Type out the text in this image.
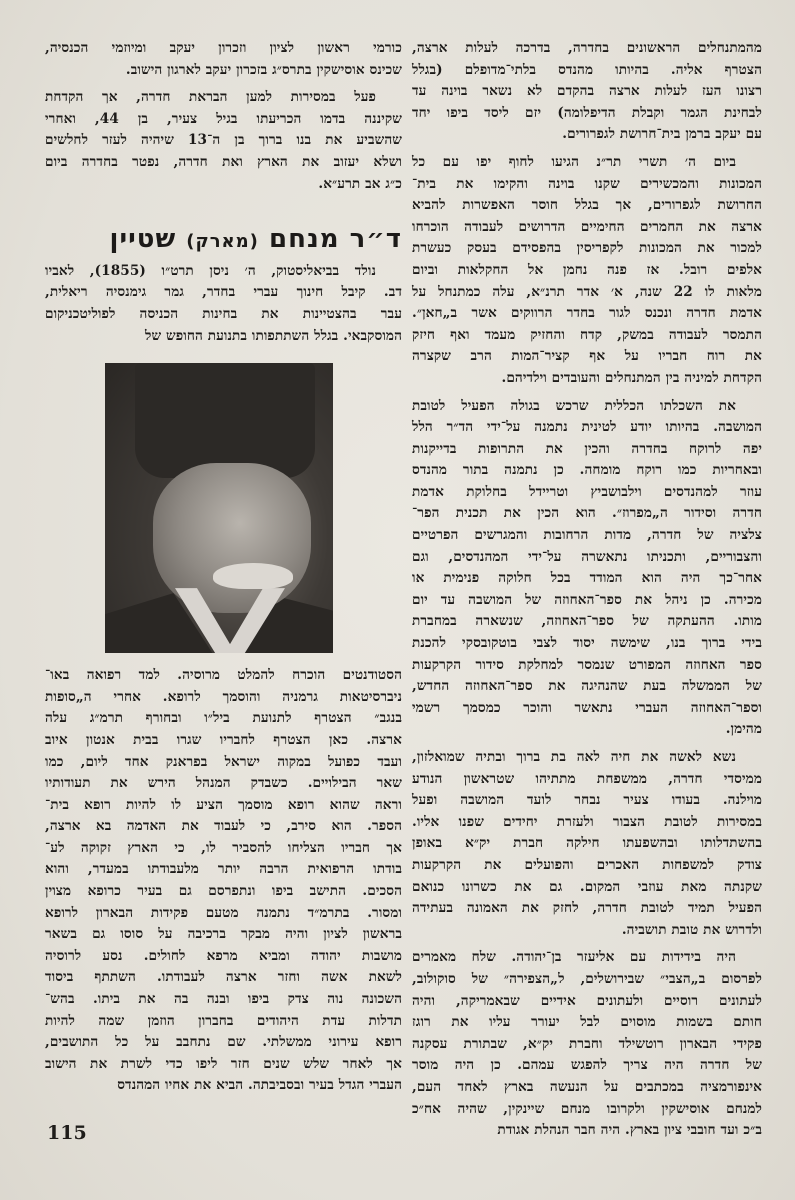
מהמתנחלים הראשונים בחדרה, בדרכה לעלות ארצה,
הצטרף אליה. בהיותו מהנדס בלתי־מדופלם (בגלל
רצונו העז לעלות ארצה בהקדם לא נשאר בוינה עד
לבחינת הגמר וקבלת הדיפלומה) יזם ליסד ביפו יחד
עם יעקב ברמן בית־חרושת לגפרורים.
ביום ה׳ תשרי תר״נ הגיעו לחוף יפו עם כל
המכונות והמכשירים שקנו בוינה והקימו את בית־
החרושת לגפרורים, אך בגלל חוסר האפשרות להביא
ארצה את החמרים החימיים הדרושים לעבודה הוכרחו
למכור את המכונות לקפריסין בהפסידם בעסק כעשרת
אלפים רובל. אז פנה נחמן אל החקלאות וביום
מלאות לו 22 שנה, א׳ אדר תרנ״א, עלה כמתנחל על
אדמת חדרה ונכנס לגור בחדר הרווקים אשר ב„חאן״.
התמסר לעבודה במשק, קדח והחזיק מעמד ואף חיזק
את רוח חבריו על אף קציר־המות הרב שקצרה
הקדחת למיניה בין המתנחלים והעובדים וילדיהם.
את השכלתו הכללית שרכש בגולה הפעיל לטובת
המושבה. בהיותו יודע לטינית נתמנה על־ידי הד״ר הלל
יפה לרוקח בחדרה והכין את התרופות בדייקנות
ובאחריות כמו רוקח מומחה. כן נתמנה בתור מהנדס
עוזר למהנדסים וילבושביץ וטריידל בחלוקת אדמת
חדרה וסידור ה„מפרוז״. הוא הכין את תכנית הפר־
צלציה של חדרה, מדות הרחובות והמגרשים הפרטיים
והצבוריים, ותכניתו נתאשרה על־ידי המהנדסים, וגם
אחר־כך היה הוא המודד בכל חלוקה פנימית או
מכירה. כן ניהל את ספר־האחוזה של המושבה עד יום
מותו. ההעתקה של ספר־האחוזה, שנשארה במחברת
בידי ברוך בנו, שימשה יסוד לצבי בוטקובסקי להכנת
ספר האחוזה המפורט שנמסר למחלקת סידור הקרקעות
של הממשלה בעת שהנהיגה את ספר־האחוזה החדש,
וספר־האחוזה העברי נתאשר והוכר כמסמך רשמי
מהימן.
נשא לאשה את חיה לאה בת ברוך ובתיה שמואלזון,
ממיסדי חדרה, ממשפחת מתתיהו שטראשון הנודע
מוילנה. בעודו צעיר נבחר לועד המושבה ופעל
במסירות לטובת הצבור ולעזרת יחידים שפנו אליו.
בהשתדלותו ובהשפעתו חילקה חברת יק״א באופן
צודק למשפחות האכרים והפועלים את הקרקעות
שקנתה מאת עוזבי המקום. גם את כשרונו כנואם
הפעיל תמיד לטובת חדרה, לחזק את האמונה בעתידה
ולדרוש את טובת תושביה.
היה בידידות עם אליעזר בן־יהודה. שלח מאמרים
לפרסום ב„הצבי״ שבירושלים, ל„הצפירה״ של סוקולוב,
לעתונים רוסיים ולעתונים אידיים שבאמריקה, והיה
חותם בשמות מוסוים לבל יעורר עליו את רוגז
פקידי הבארון רוטשילד וחברת יק״א, שבתורת עסקנה
של חדרה היה צריך להפגש עמהם. כן היה מוסר
אינפורמציה במכתבים על הנעשה בארץ לאחד העם,
למנחם אוסישקין ולקרובו מנחם שיינקין, שהיה אח״כ
ב״כ ועד חובבי ציון בארץ. היה חבר הנהלת אגודת
כורמי ראשון לציון וזכרון יעקב ומיוזמי הכנסיה,
שכינס אוסישקין בתרס״ג בזכרון יעקב לארגון הישוב.
פעל במסירות למען הבראת חדרה, אך הקדחת
שקיננה בדמו הכריעתו בגיל צעיר, בן 44, ואחרי
שהשביע את בנו ברוך בן ה־13 שיהיה לעזר לחלשים
ושלא יעזוב את הארץ ואת חדרה, נפטר בחדרה ביום
כ״ג אב תרע״א.
ד״ר מנחם (מארק) שטיין
נולד בביאליסטוק, ה׳ ניסן תרט״ו (1855), לאביו
דב. קיבל חינוך עברי בחדר, גמר גימנסיה ריאלית,
עבר בהצטיינות את בחינות הכניסה לפוליטכניקום
המוסקבאי. בגלל השתתפותו בתנועת החופש של
הסטודנטים הוכרח להמלט מרוסיה. למד רפואה באו־
ניברסיטאות גרמניה והוסמך לרופא. אחרי ה„סופות
בנגב״ הצטרף לתנועת ביל״ו ובחורף תרמ״ג עלה
ארצה. כאן הצטרף לחבריו שגרו בבית אנטון איוב
ועבד כפועל במקוה ישראל בפראנק אחד ליום, כמו
שאר הבילויים. כשבדק המנהל הירש את תעודותיו
וראה שהוא רופא מוסמך הציע לו להיות רופא בית־
הספר. הוא סירב, כי לעבוד את האדמה בא ארצה,
אך חבריו הצליחו להסביר לו, כי הארץ זקוקה לע־
בודתו הרפואית הרבה יותר מלעבודתו במעדר, והוא
הסכים. התישב ביפו ונתפרסם גם בעיר כרופא מצוין
ומסור. בתרמ״ד נתמנה מטעם פקידות הבארון לרופא
בראשון לציון והיה מבקר ברכיבה על סוסו גם בשאר
מושבות יהודה ומביא מרפא לחולים. נסע לרוסיה
לשאת אשה וחזר ארצה לעבודתו. השתתף ביסוד
השכונה נוה צדק ביפו ובנה בה את ביתו. בהש־
תדלות עדת היהודים בחברון הוזמן שמה להיות
רופא עירוני ממשלתי. שם נתחבב על כל התושבים,
אך לאחר שלש שנים חזר ליפו כדי לשרת את הישוב
העברי הגדל בעיר ובסביבתה. הביא את אחיו המהנדס
115
